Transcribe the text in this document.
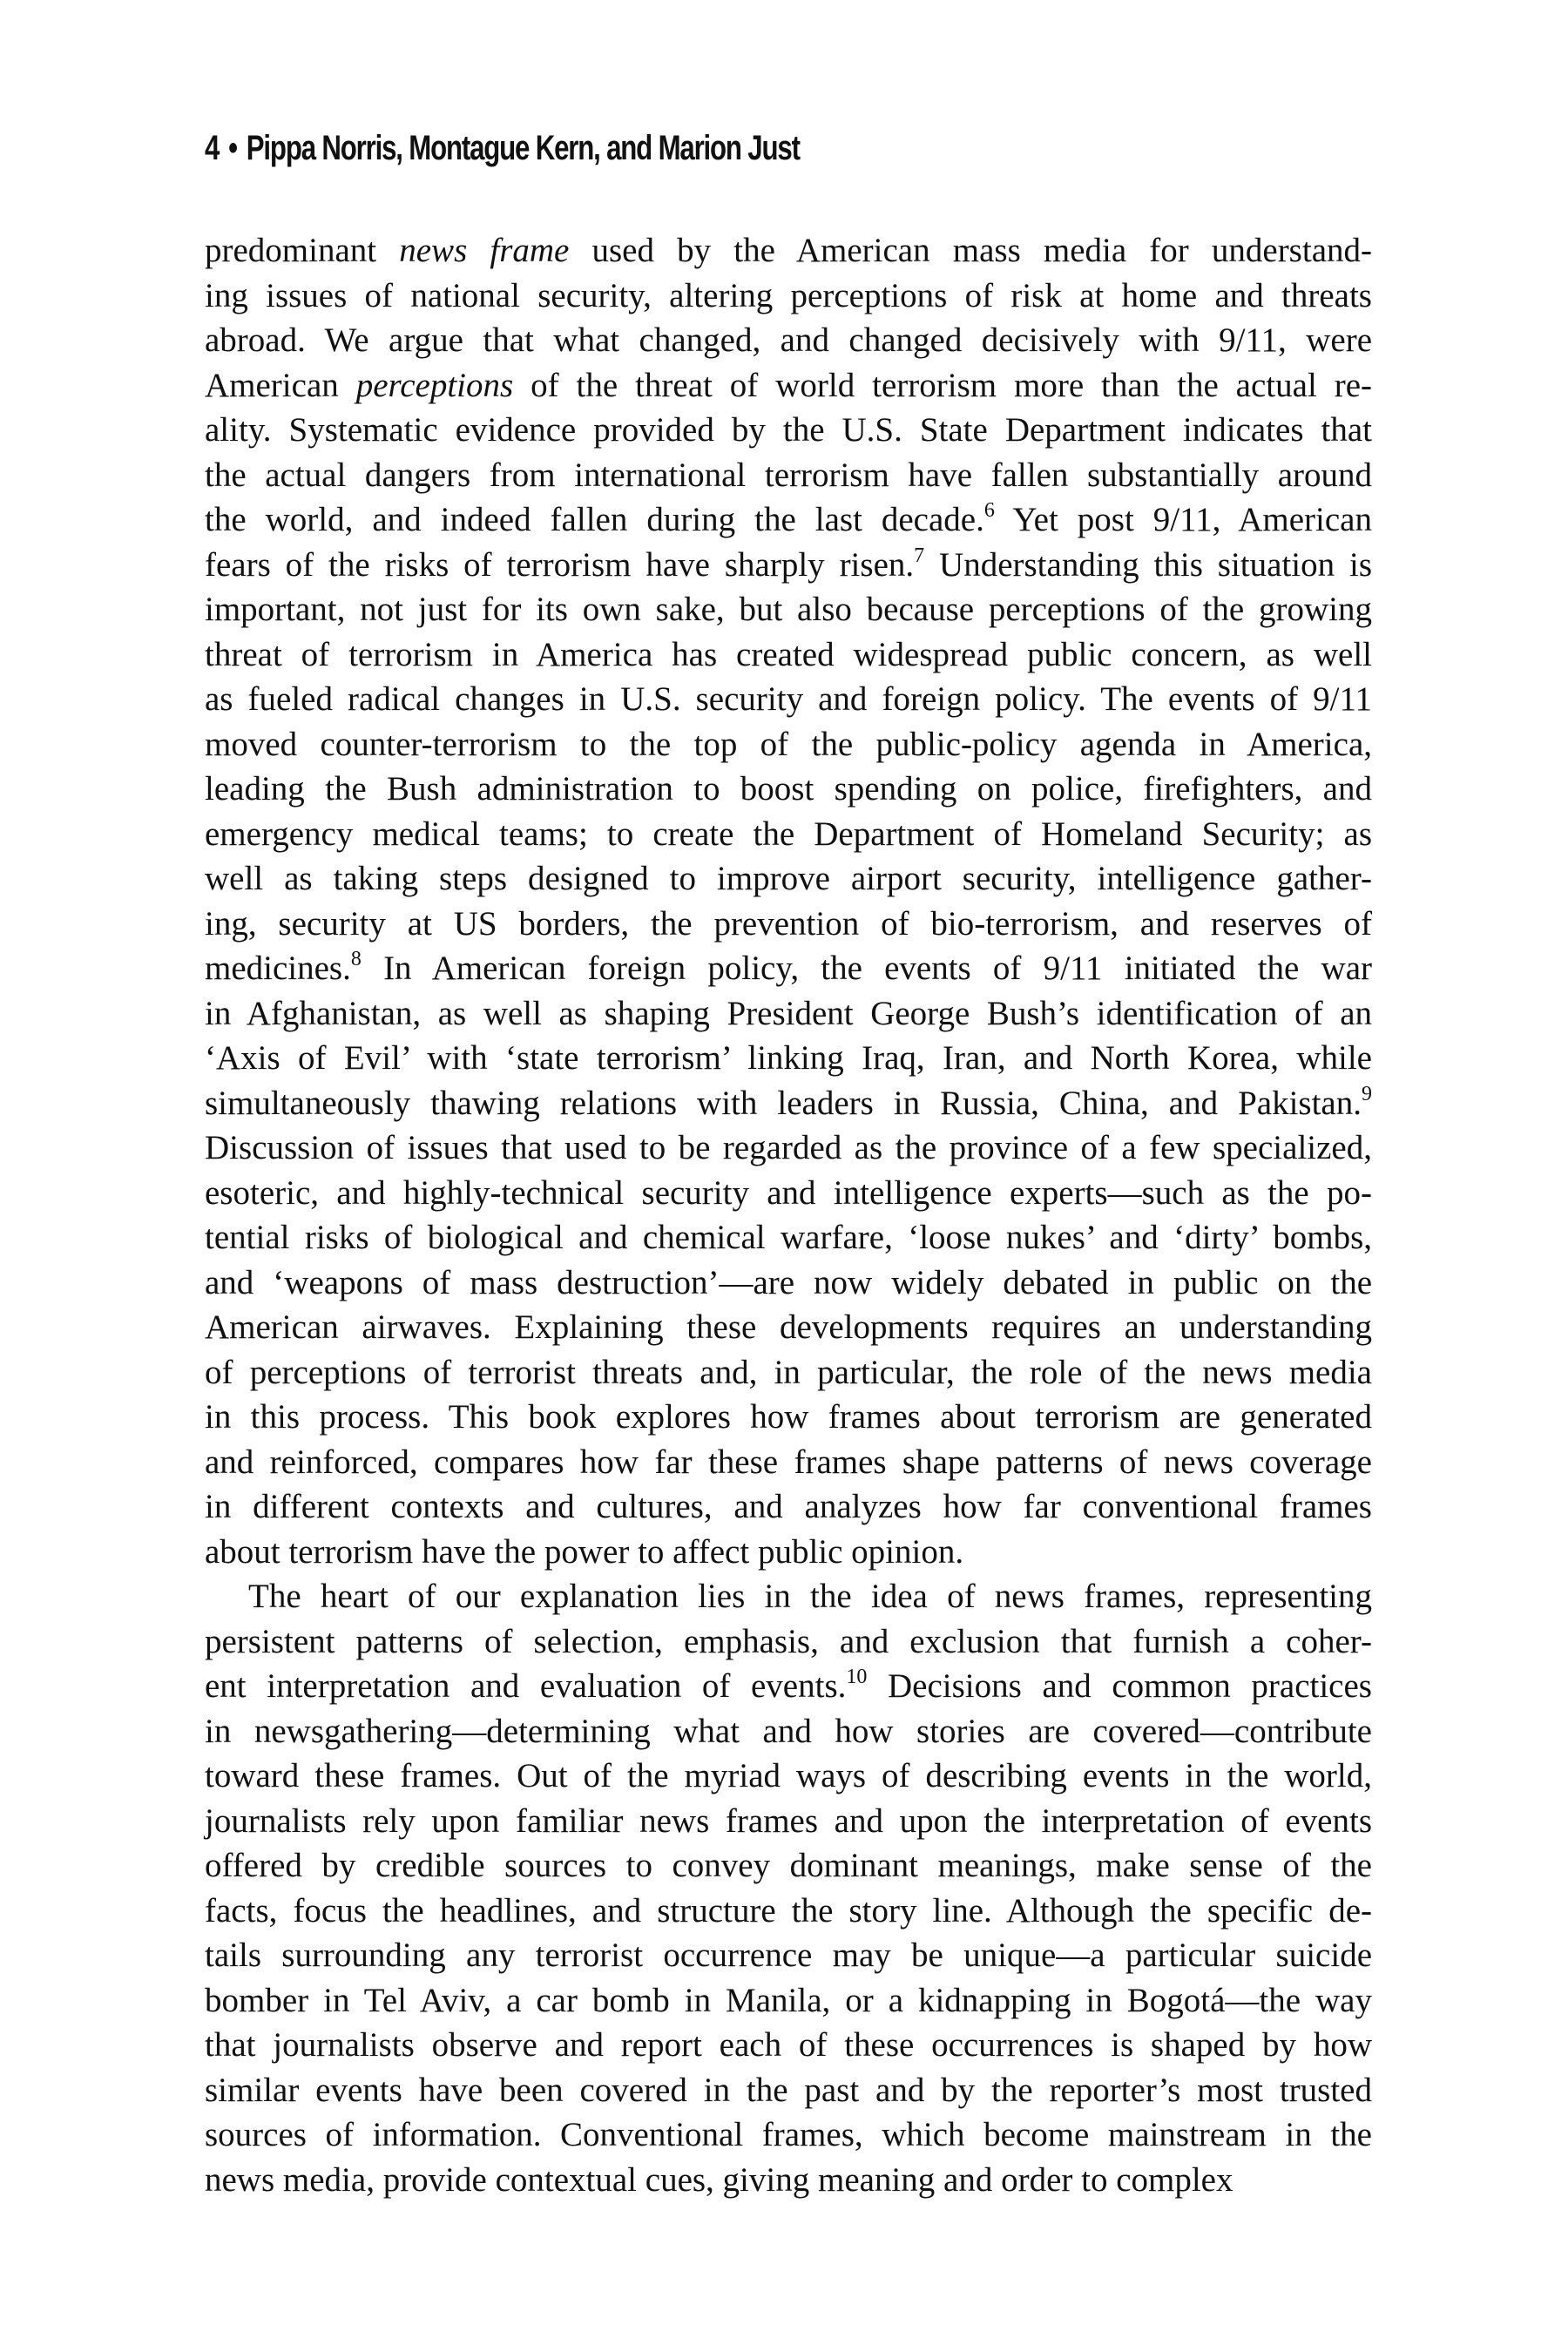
4 • Pippa Norris, Montague Kern, and Marion Just
predominant news frame used by the American mass media for understand-
ing issues of national security, altering perceptions of risk at home and threats
abroad. We argue that what changed, and changed decisively with 9/11, were
American perceptions of the threat of world terrorism more than the actual re-
ality. Systematic evidence provided by the U.S. State Department indicates that
the actual dangers from international terrorism have fallen substantially around
the world, and indeed fallen during the last decade.$^6$ Yet post 9/11, American
fears of the risks of terrorism have sharply risen.$^7$ Understanding this situation is
important, not just for its own sake, but also because perceptions of the growing
threat of terrorism in America has created widespread public concern, as well
as fueled radical changes in U.S. security and foreign policy. The events of 9/11
moved counter-terrorism to the top of the public-policy agenda in America,
leading the Bush administration to boost spending on police, firefighters, and
emergency medical teams; to create the Department of Homeland Security; as
well as taking steps designed to improve airport security, intelligence gather-
ing, security at US borders, the prevention of bio-terrorism, and reserves of
medicines.$^8$ In American foreign policy, the events of 9/11 initiated the war
in Afghanistan, as well as shaping President George Bush’s identification of an
‘Axis of Evil’ with ‘state terrorism’ linking Iraq, Iran, and North Korea, while
simultaneously thawing relations with leaders in Russia, China, and Pakistan.$^9$
Discussion of issues that used to be regarded as the province of a few specialized,
esoteric, and highly-technical security and intelligence experts—such as the po-
tential risks of biological and chemical warfare, ‘loose nukes’ and ‘dirty’ bombs,
and ‘weapons of mass destruction’—are now widely debated in public on the
American airwaves. Explaining these developments requires an understanding
of perceptions of terrorist threats and, in particular, the role of the news media
in this process. This book explores how frames about terrorism are generated
and reinforced, compares how far these frames shape patterns of news coverage
in different contexts and cultures, and analyzes how far conventional frames
about terrorism have the power to affect public opinion.
The heart of our explanation lies in the idea of news frames, representing
persistent patterns of selection, emphasis, and exclusion that furnish a coher-
ent interpretation and evaluation of events.$^{10}$ Decisions and common practices
in newsgathering—determining what and how stories are covered—contribute
toward these frames. Out of the myriad ways of describing events in the world,
journalists rely upon familiar news frames and upon the interpretation of events
offered by credible sources to convey dominant meanings, make sense of the
facts, focus the headlines, and structure the story line. Although the specific de-
tails surrounding any terrorist occurrence may be unique—a particular suicide
bomber in Tel Aviv, a car bomb in Manila, or a kidnapping in Bogotá—the way
that journalists observe and report each of these occurrences is shaped by how
similar events have been covered in the past and by the reporter’s most trusted
sources of information. Conventional frames, which become mainstream in the
news media, provide contextual cues, giving meaning and order to complex
